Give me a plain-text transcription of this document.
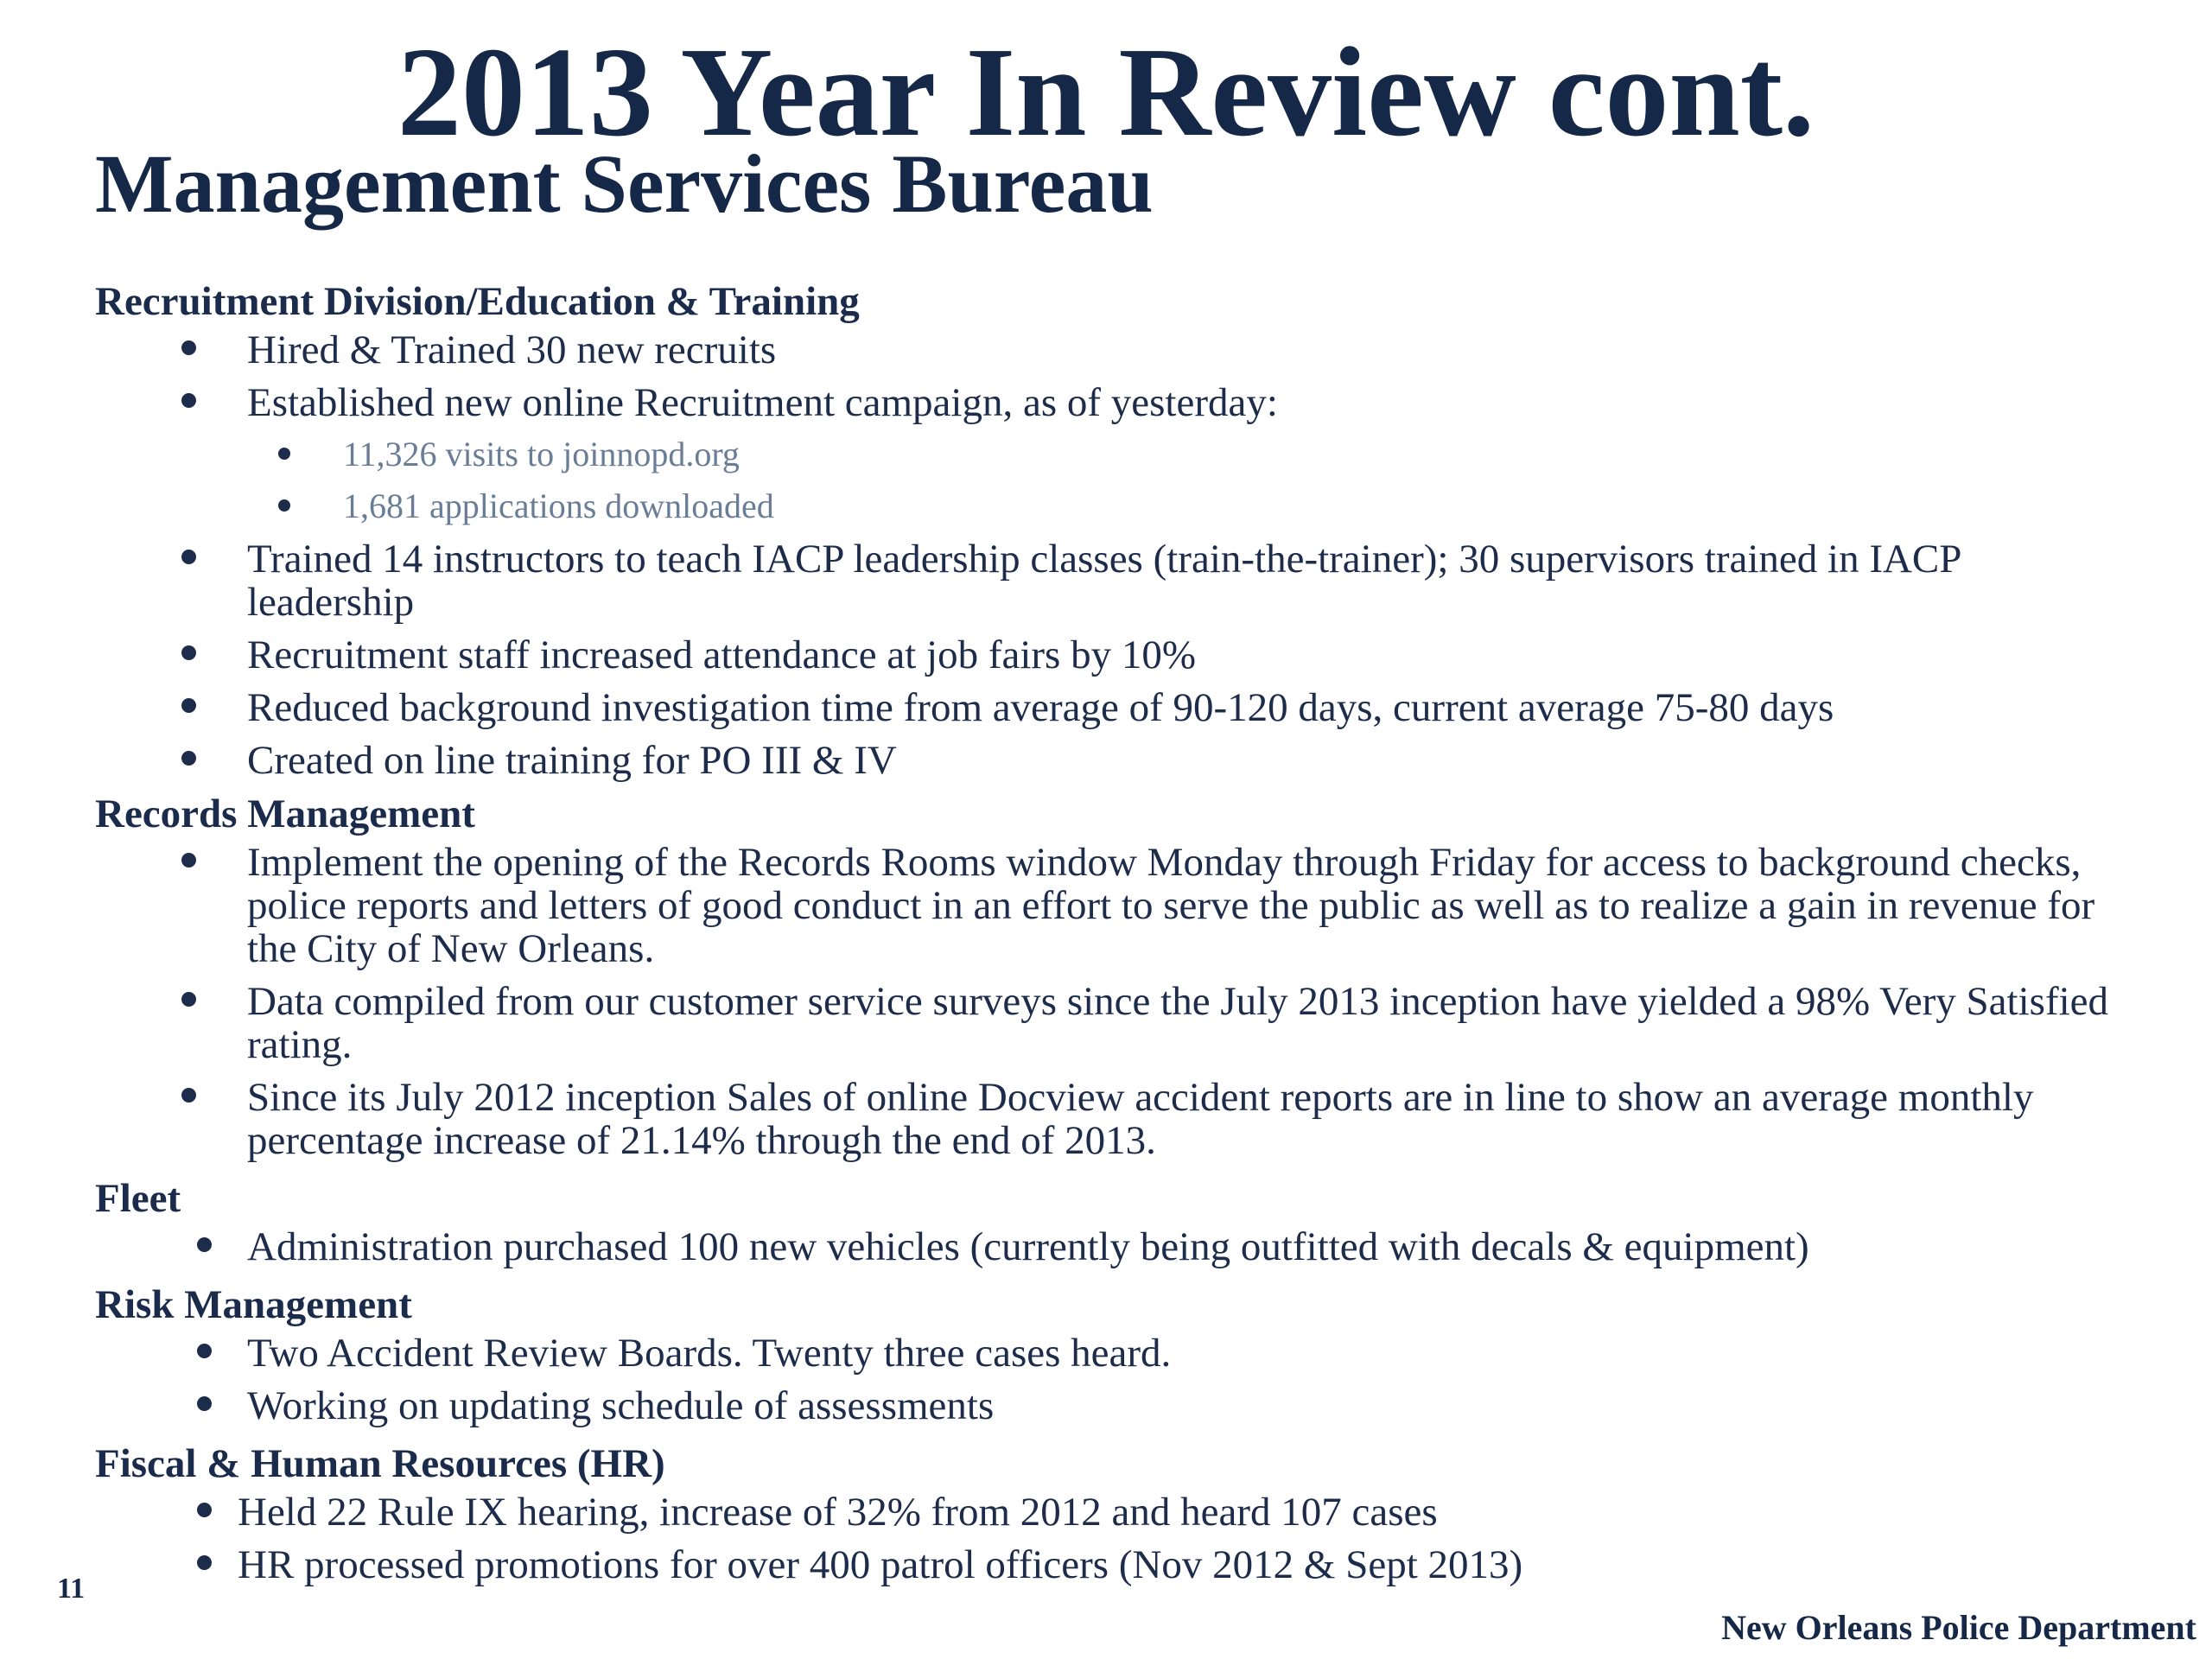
2013 Year In Review cont.
Management Services Bureau
Recruitment Division/Education & Training
Hired & Trained 30 new recruits
Established new online Recruitment campaign, as of yesterday:
11,326 visits to joinnopd.org
1,681 applications downloaded
Trained 14 instructors to teach IACP leadership classes (train-the-trainer); 30 supervisors trained in IACP leadership
Recruitment staff increased attendance at job fairs by 10%
Reduced background investigation time from average of 90-120 days, current average 75-80 days
Created on line training for PO III & IV
Records Management
Implement the opening of the Records Rooms window Monday through Friday for access to background checks, police reports and letters of good conduct in an effort to serve the public as well as to realize a gain in revenue for the City of New Orleans.
Data compiled from our customer service surveys since the July 2013 inception have yielded a 98% Very Satisfied rating.
Since its July 2012 inception Sales of online Docview accident reports are in line to show an average monthly percentage increase of 21.14% through the end of 2013.
Fleet
Administration purchased 100 new vehicles (currently being outfitted with decals & equipment)
Risk Management
Two Accident Review Boards. Twenty three cases heard.
Working on updating schedule of assessments
Fiscal & Human Resources (HR)
Held 22 Rule IX hearing, increase of 32% from 2012 and heard 107 cases
HR processed promotions for over 400 patrol officers (Nov 2012 & Sept 2013)
11
New Orleans Police Department
